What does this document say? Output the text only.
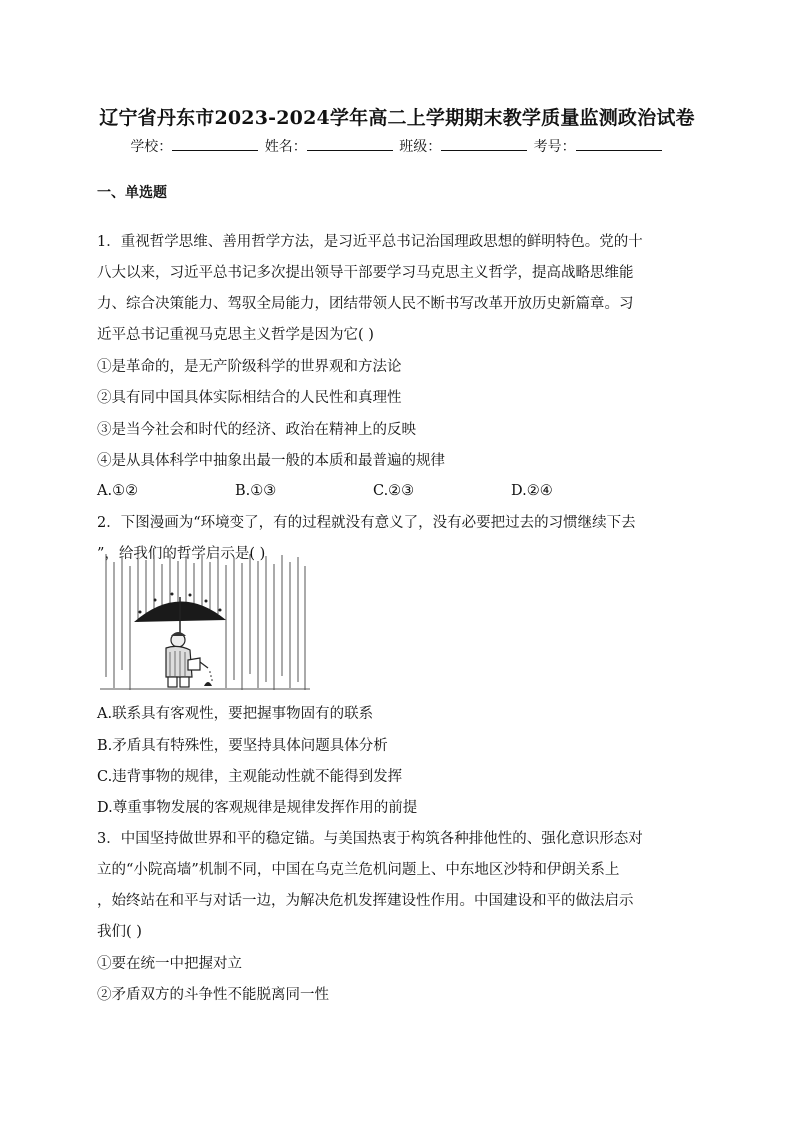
辽宁省丹东市2023-2024学年高二上学期期末教学质量监测政治试卷
学校：	姓名：	班级：	考号：
一、单选题
1．重视哲学思维、善用哲学方法，是习近平总书记治国理政思想的鲜明特色。党的十
八大以来，习近平总书记多次提出领导干部要学习马克思主义哲学，提高战略思维能
力、综合决策能力、驾驭全局能力，团结带领人民不断书写改革开放历史新篇章。习
近平总书记重视马克思主义哲学是因为它( )
①是革命的，是无产阶级科学的世界观和方法论
②具有同中国具体实际相结合的人民性和真理性
③是当今社会和时代的经济、政治在精神上的反映
④是从具体科学中抽象出最一般的本质和最普遍的规律
A.①②	B.①③	C.②③	D.②④
2．下图漫画为“环境变了，有的过程就没有意义了，没有必要把过去的习惯继续下去
”，给我们的哲学启示是( )
A.联系具有客观性，要把握事物固有的联系
B.矛盾具有特殊性，要坚持具体问题具体分析
C.违背事物的规律，主观能动性就不能得到发挥
D.尊重事物发展的客观规律是规律发挥作用的前提
3．中国坚持做世界和平的稳定锚。与美国热衷于构筑各种排他性的、强化意识形态对
立的“小院高墙”机制不同，中国在乌克兰危机问题上、中东地区沙特和伊朗关系上
，始终站在和平与对话一边，为解决危机发挥建设性作用。中国建设和平的做法启示
我们( )
①要在统一中把握对立
②矛盾双方的斗争性不能脱离同一性
